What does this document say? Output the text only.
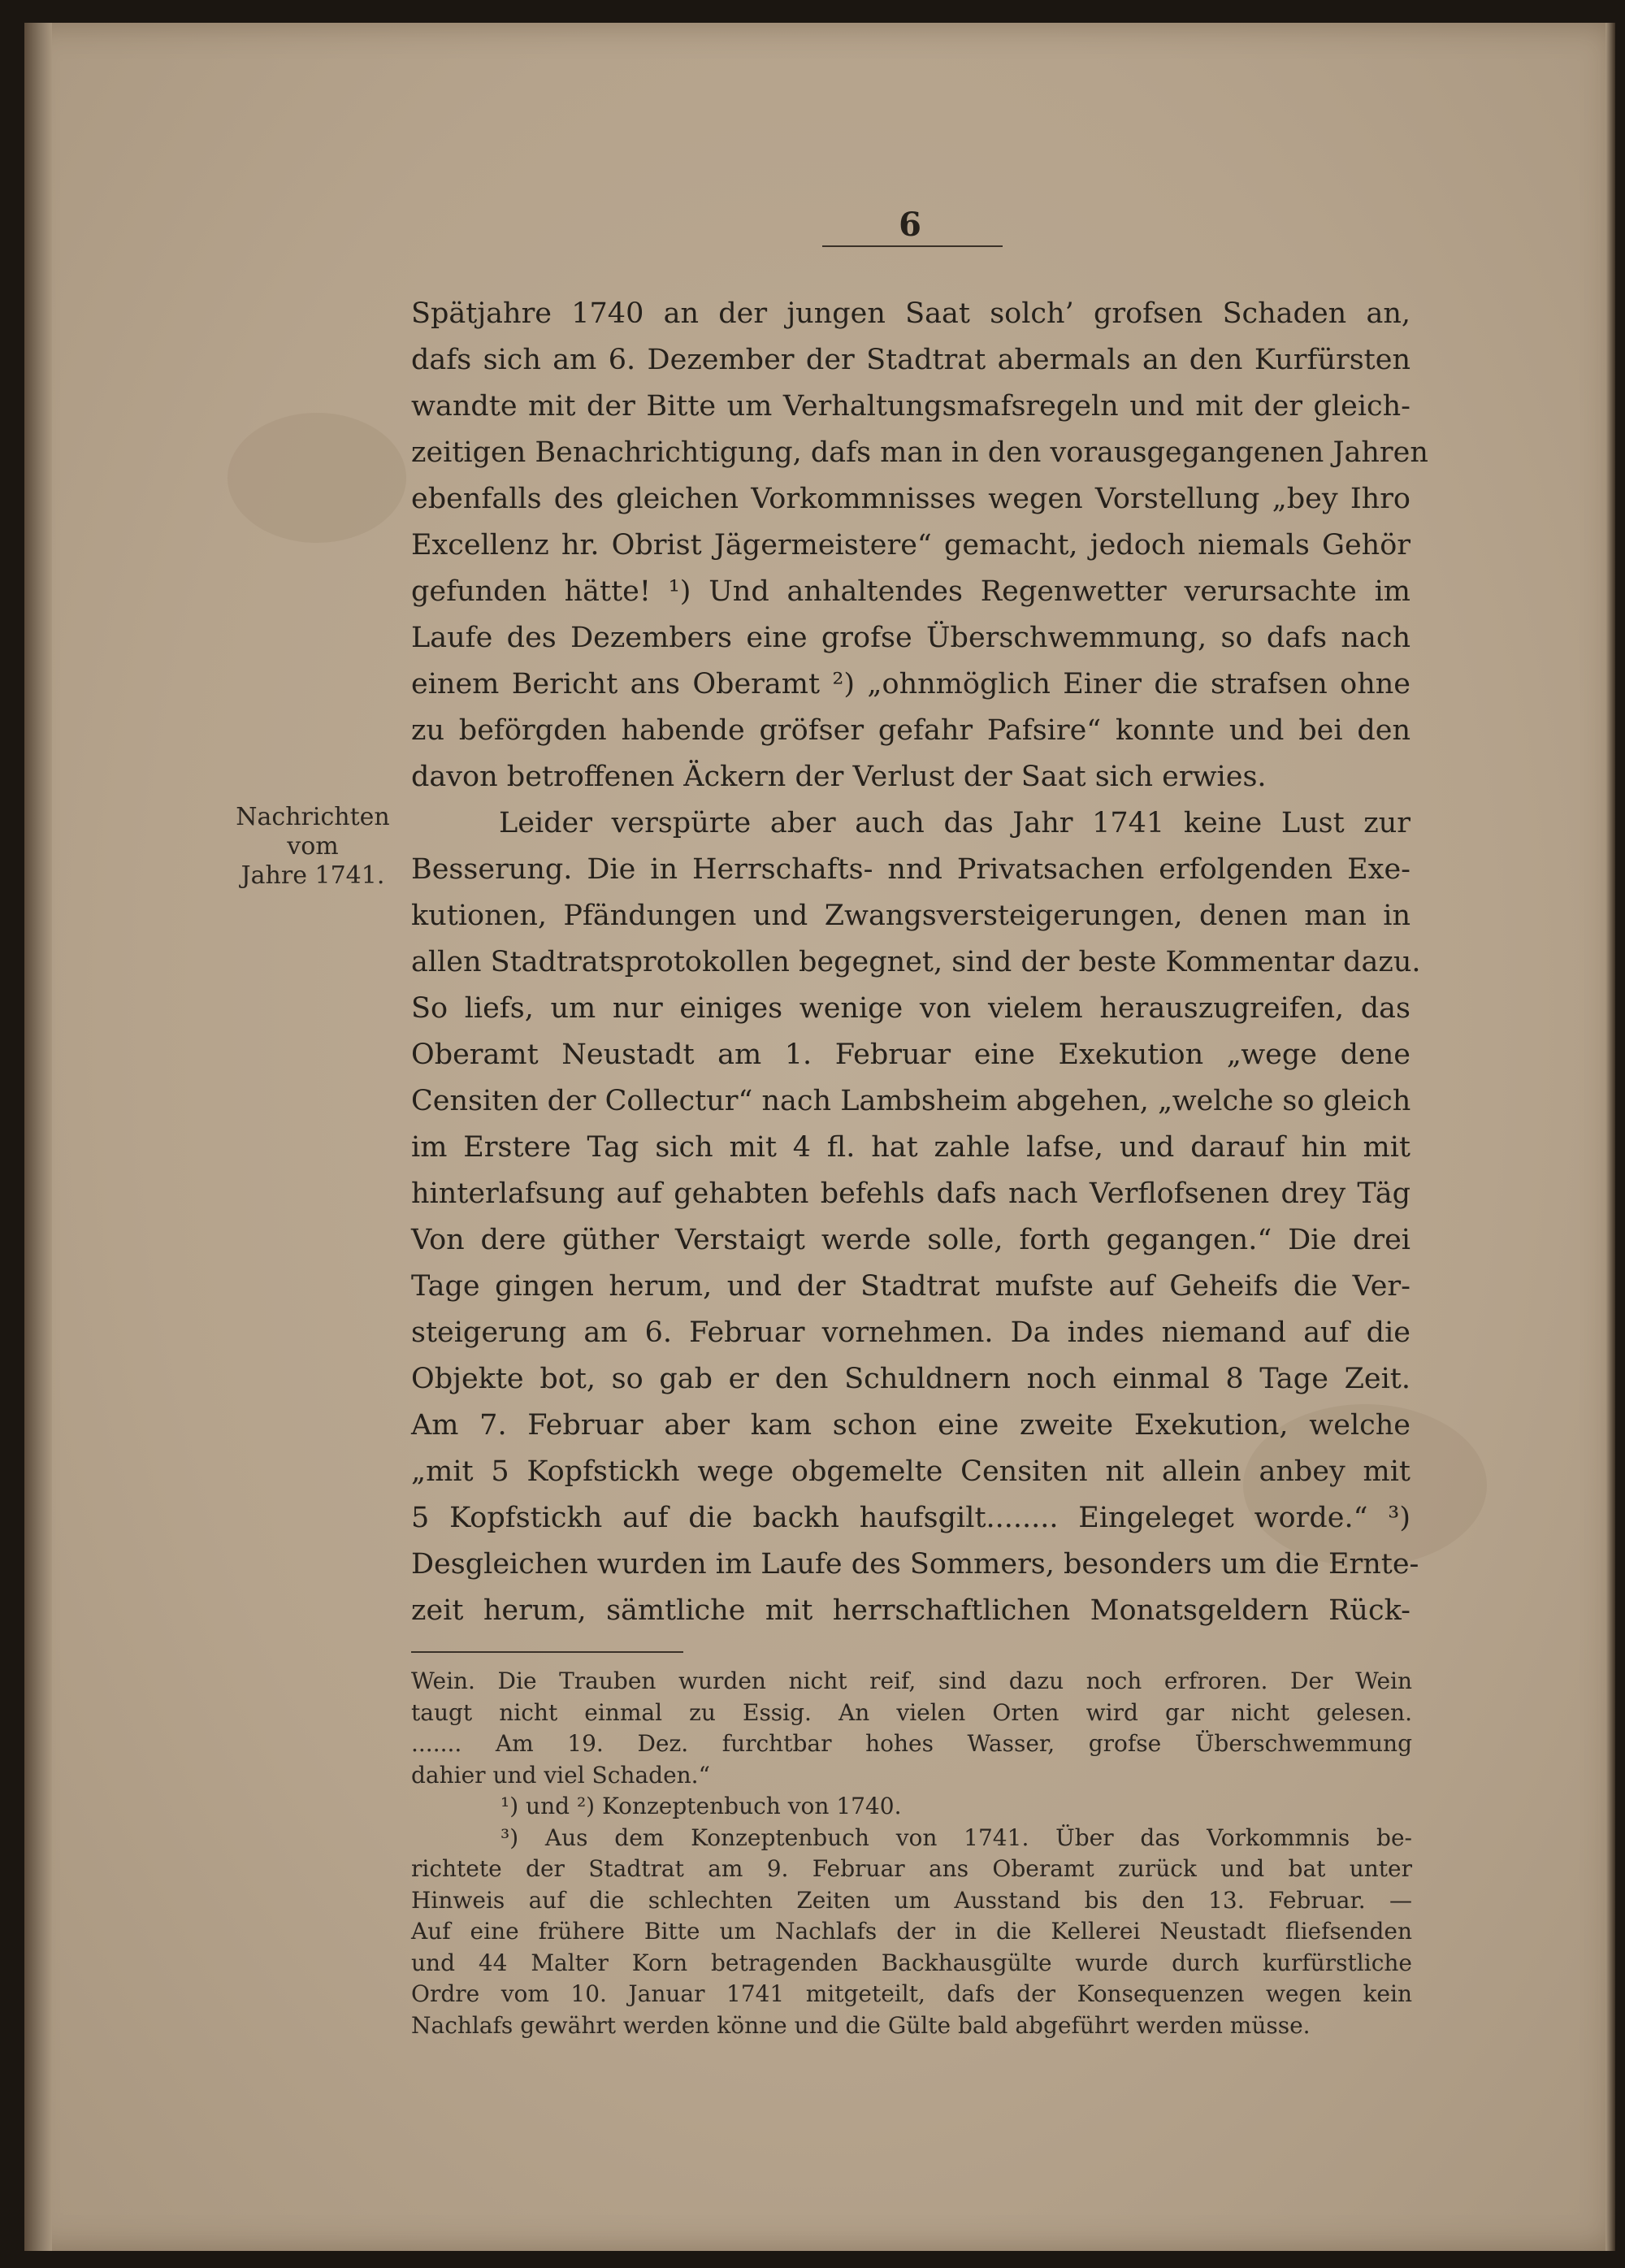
6
Nachrichten
vom
Jahre 1741.
Spätjahre 1740 an der jungen Saat solch’ grofsen Schaden an,
dafs sich am 6. Dezember der Stadtrat abermals an den Kurfürsten
wandte mit der Bitte um Verhaltungsmafsregeln und mit der gleich-
zeitigen Benachrichtigung, dafs man in den vorausgegangenen Jahren
ebenfalls des gleichen Vorkommnisses wegen Vorstellung „bey Ihro
Excellenz hr. Obrist Jägermeistere“ gemacht, jedoch niemals Gehör
gefunden hätte! ¹) Und anhaltendes Regenwetter verursachte im
Laufe des Dezembers eine grofse Überschwemmung, so dafs nach
einem Bericht ans Oberamt ²) „ohnmöglich Einer die strafsen ohne
zu beförgden habende gröfser gefahr Pafsire“ konnte und bei den
davon betroffenen Äckern der Verlust der Saat sich erwies.
Leider verspürte aber auch das Jahr 1741 keine Lust zur
Besserung. Die in Herrschafts- nnd Privatsachen erfolgenden Exe-
kutionen, Pfändungen und Zwangsversteigerungen, denen man in
allen Stadtratsprotokollen begegnet, sind der beste Kommentar dazu.
So liefs, um nur einiges wenige von vielem herauszugreifen, das
Oberamt Neustadt am 1. Februar eine Exekution „wege dene
Censiten der Collectur“ nach Lambsheim abgehen, „welche so gleich
im Erstere Tag sich mit 4 fl. hat zahle lafse, und darauf hin mit
hinterlafsung auf gehabten befehls dafs nach Verflofsenen drey Täg
Von dere güther Verstaigt werde solle, forth gegangen.“ Die drei
Tage gingen herum, und der Stadtrat mufste auf Geheifs die Ver-
steigerung am 6. Februar vornehmen. Da indes niemand auf die
Objekte bot, so gab er den Schuldnern noch einmal 8 Tage Zeit.
Am 7. Februar aber kam schon eine zweite Exekution, welche
„mit 5 Kopfstickh wege obgemelte Censiten nit allein anbey mit
5 Kopfstickh auf die backh haufsgilt........ Eingeleget worde.“ ³)
Desgleichen wurden im Laufe des Sommers, besonders um die Ernte-
zeit herum, sämtliche mit herrschaftlichen Monatsgeldern Rück-
Wein. Die Trauben wurden nicht reif, sind dazu noch erfroren. Der Wein
taugt nicht einmal zu Essig. An vielen Orten wird gar nicht gelesen.
....... Am 19. Dez. furchtbar hohes Wasser, grofse Überschwemmung
dahier und viel Schaden.“
¹) und ²) Konzeptenbuch von 1740.
³) Aus dem Konzeptenbuch von 1741. Über das Vorkommnis be-
richtete der Stadtrat am 9. Februar ans Oberamt zurück und bat unter
Hinweis auf die schlechten Zeiten um Ausstand bis den 13. Februar. —
Auf eine frühere Bitte um Nachlafs der in die Kellerei Neustadt fliefsenden
und 44 Malter Korn betragenden Backhausgülte wurde durch kurfürstliche
Ordre vom 10. Januar 1741 mitgeteilt, dafs der Konsequenzen wegen kein
Nachlafs gewährt werden könne und die Gülte bald abgeführt werden müsse.
